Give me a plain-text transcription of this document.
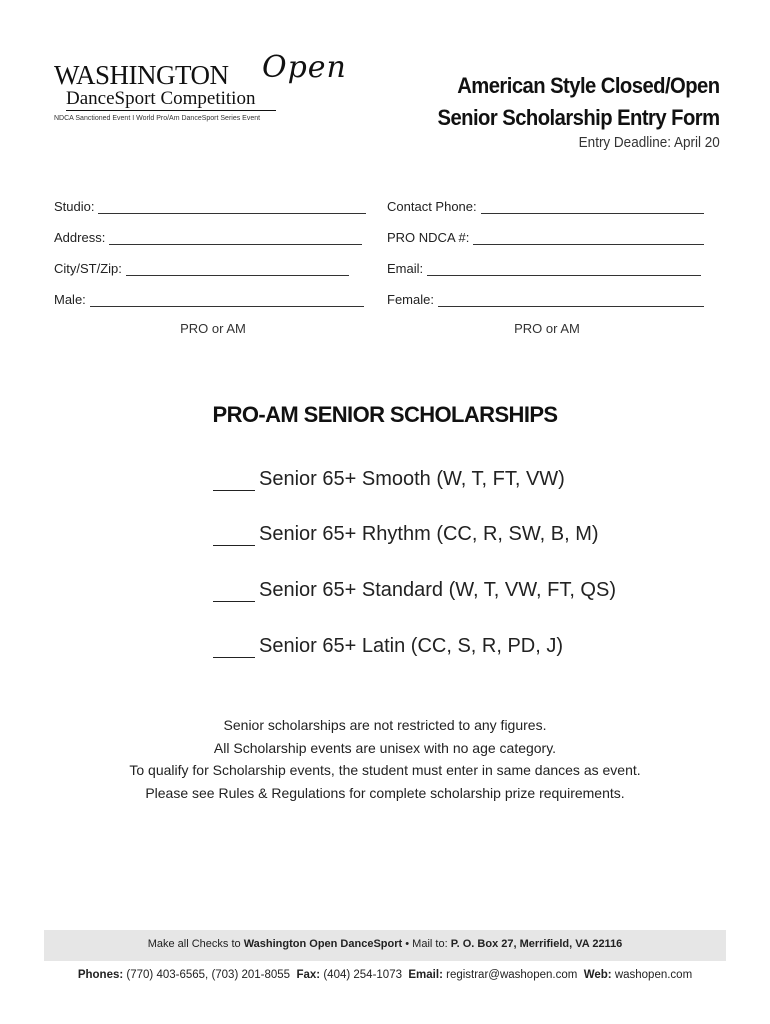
WASHINGTON Open
DanceSport Competition
NDCA Sanctioned Event I World Pro/Am DanceSport Series Event
American Style Closed/Open
Senior Scholarship Entry Form
Entry Deadline: April 20
Studio:
Address:
City/ST/Zip:
Male:
PRO or AM
Contact Phone:
PRO NDCA #:
Email:
Female:
PRO or AM
PRO-AM SENIOR SCHOLARSHIPS
Senior 65+ Smooth (W, T, FT, VW)
Senior 65+ Rhythm (CC, R, SW, B, M)
Senior 65+ Standard (W, T, VW, FT, QS)
Senior 65+ Latin (CC, S, R, PD, J)
Senior scholarships are not restricted to any figures.
All Scholarship events are unisex with no age category.
To qualify for Scholarship events, the student must enter in same dances as event.
Please see Rules & Regulations for complete scholarship prize requirements.
Make all Checks to Washington Open DanceSport • Mail to: P. O. Box 27, Merrifield, VA 22116
Phones: (770) 403-6565, (703) 201-8055 Fax: (404) 254-1073 Email: registrar@washopen.com Web: washopen.com
